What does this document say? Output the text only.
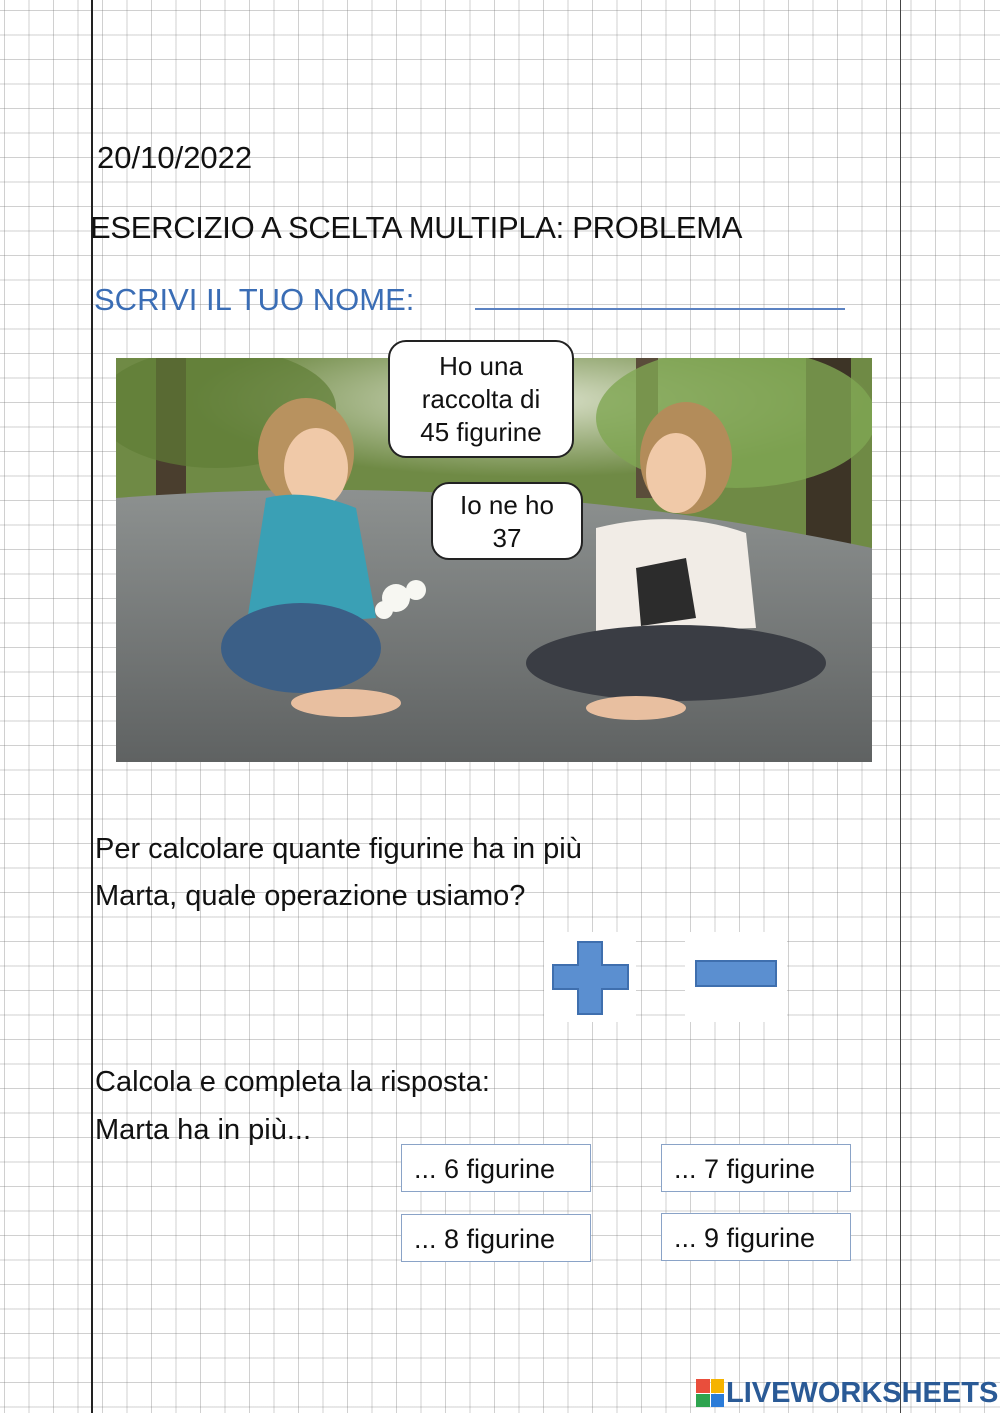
20/10/2022
ESERCIZIO A SCELTA MULTIPLA: PROBLEMA
SCRIVI IL TUO NOME:
Ho una
raccolta di
45 figurine
Io ne ho
37
Per calcolare quante figurine ha in più
Marta, quale operazione usiamo?
Calcola e completa la risposta:
Marta ha in più...
... 6 figurine	... 7 figurine
... 8 figurine	... 9 figurine
LIVEWORKSHEETS
